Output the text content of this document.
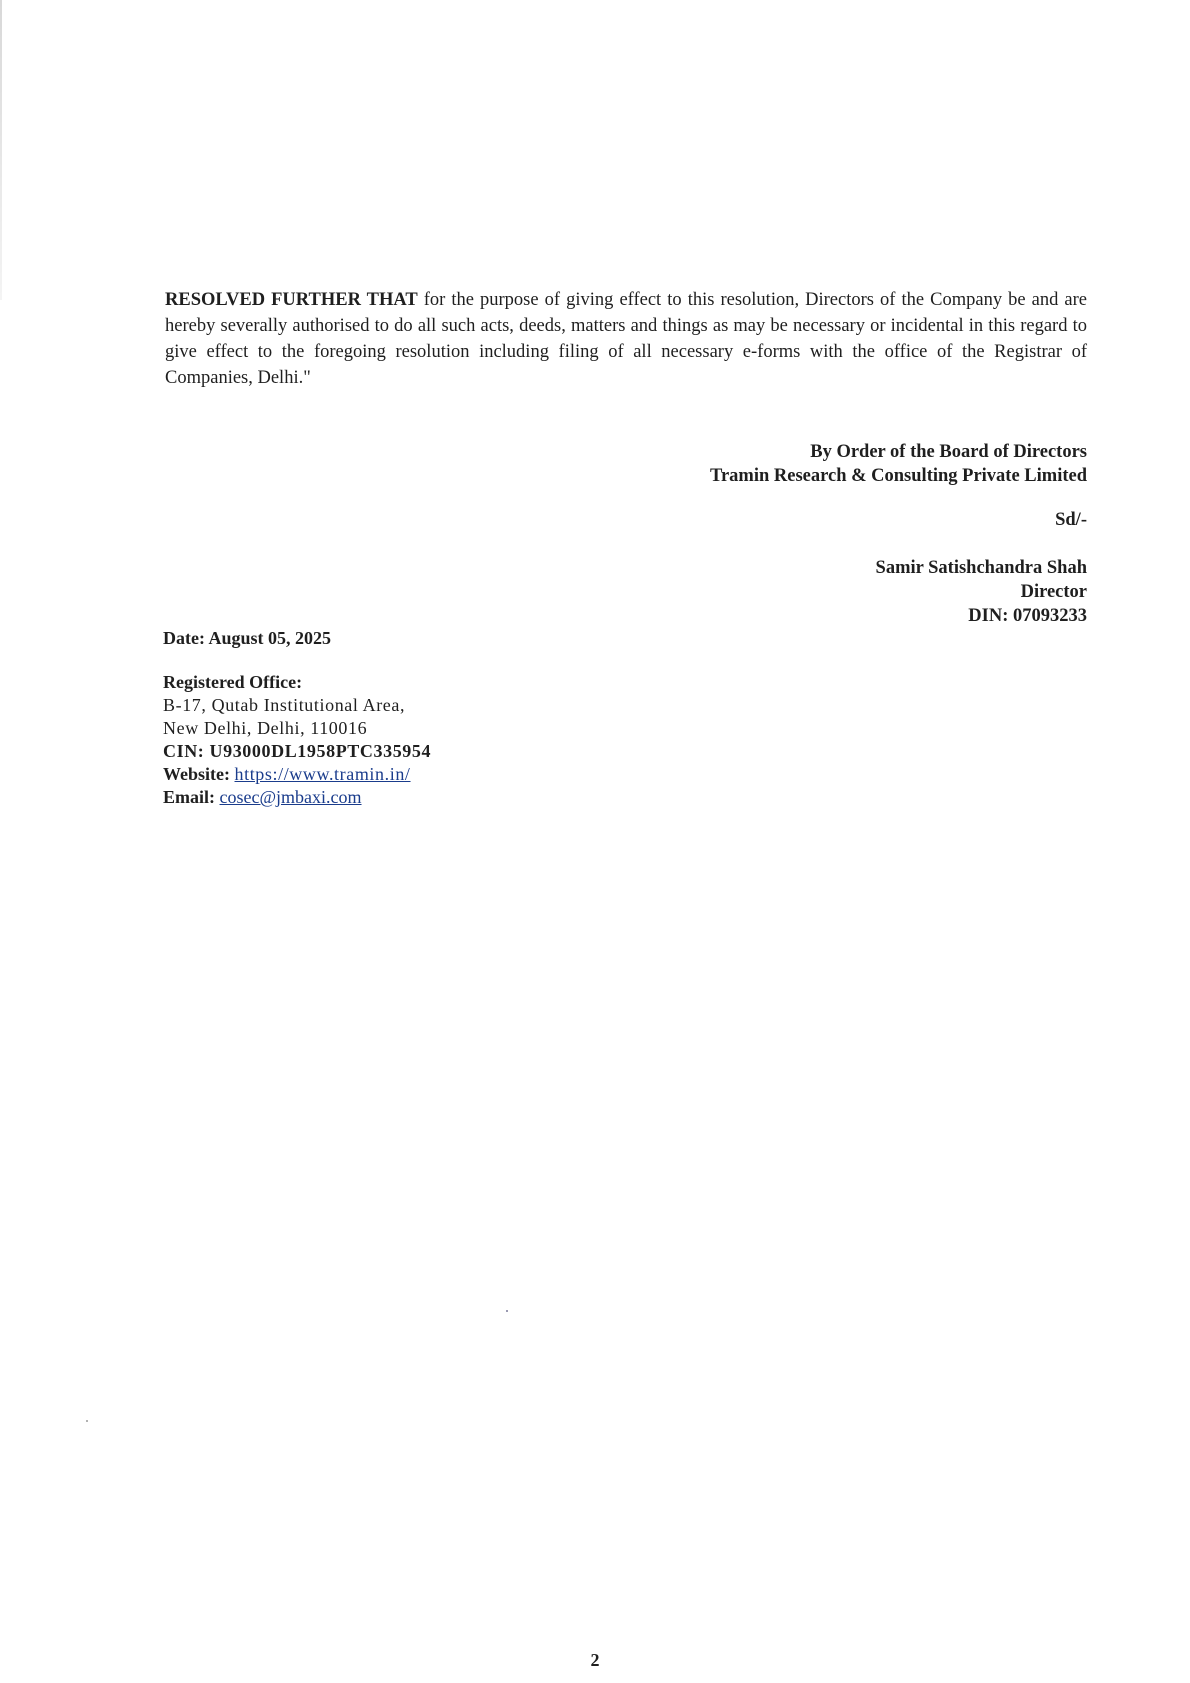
RESOLVED FURTHER THAT for the purpose of giving effect to this resolution, Directors of the Company be and are hereby severally authorised to do all such acts, deeds, matters and things as may be necessary or incidental in this regard to give effect to the foregoing resolution including filing of all necessary e-forms with the office of the Registrar of Companies, Delhi."

By Order of the Board of Directors
Tramin Research & Consulting Private Limited
Sd/-
Samir Satishchandra Shah
Director
DIN: 07093233
Date: August 05, 2025
Registered Office:
B-17, Qutab Institutional Area,
New Delhi, Delhi, 110016
CIN: U93000DL1958PTC335954
Website: https://www.tramin.in/
Email: cosec@jmbaxi.com
2
